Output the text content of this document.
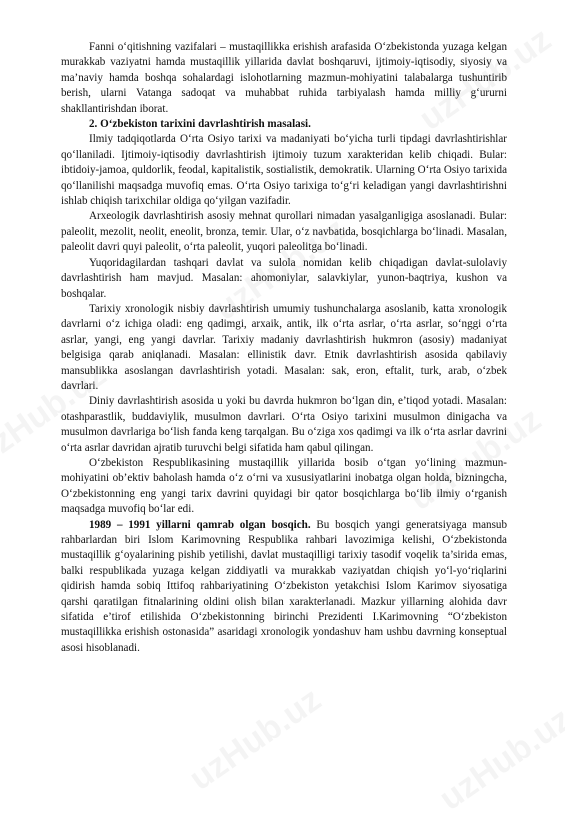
Fanni o‘qitishning vazifalari – mustaqillikka erishish arafasida O‘zbekistonda yuzaga kelgan murakkab vaziyatni hamda mustaqillik yillarida davlat boshqaruvi, ijtimoiy-iqtisodiy, siyosiy va ma’naviy hamda boshqa sohalardagi islohotlarning mazmun-mohiyatini talabalarga tushuntirib berish, ularni Vatanga sadoqat va muhabbat ruhida tarbiyalash hamda milliy g‘ururni shakllantirishdan iborat.

2. O‘zbekiston tarixini davrlashtirish masalasi.

Ilmiy tadqiqotlarda O‘rta Osiyo tarixi va madaniyati bo‘yicha turli tipdagi davrlashtirishlar qo‘llaniladi. Ijtimoiy-iqtisodiy davrlashtirish ijtimoiy tuzum xarakteridan kelib chiqadi. Bular: ibtidoiy-jamoa, quldorlik, feodal, kapitalistik, sostialistik, demokratik. Ularning O‘rta Osiyo tarixida qo‘llanilishi maqsadga muvofiq emas. O‘rta Osiyo tarixiga to‘g‘ri keladigan yangi davrlashtirishni ishlab chiqish tarixchilar oldiga qo‘yilgan vazifadir.

Arxeologik davrlashtirish asosiy mehnat qurollari nimadan yasalganligiga asoslanadi. Bular: paleolit, mezolit, neolit, eneolit, bronza, temir. Ular, o‘z navbatida, bosqichlarga bo‘linadi. Masalan, paleolit davri quyi paleolit, o‘rta paleolit, yuqori paleolitga bo‘linadi.

Yuqoridagilardan tashqari davlat va sulola nomidan kelib chiqadigan davlat-sulolaviy davrlashtirish ham mavjud. Masalan: ahomoniylar, salavkiylar, yunon-baqtriya, kushon va boshqalar.

Tarixiy xronologik nisbiy davrlashtirish umumiy tushunchalarga asoslanib, katta xronologik davrlarni o‘z ichiga oladi: eng qadimgi, arxaik, antik, ilk o‘rta asrlar, o‘rta asrlar, so‘nggi o‘rta asrlar, yangi, eng yangi davrlar. Tarixiy madaniy davrlashtirish hukmron (asosiy) madaniyat belgisiga qarab aniqlanadi. Masalan: ellinistik davr. Etnik davrlashtirish asosida qabilaviy mansublikka asoslangan davrlashtirish yotadi. Masalan: sak, eron, eftalit, turk, arab, o‘zbek davrlari.

Diniy davrlashtirish asosida u yoki bu davrda hukmron bo‘lgan din, e’tiqod yotadi. Masalan: otashparastlik, buddaviylik, musulmon davrlari. O‘rta Osiyo tarixini musulmon dinigacha va musulmon davrlariga bo‘lish fanda keng tarqalgan. Bu o‘ziga xos qadimgi va ilk o‘rta asrlar davrini o‘rta asrlar davridan ajratib turuvchi belgi sifatida ham qabul qilingan.

O‘zbekiston Respublikasining mustaqillik yillarida bosib o‘tgan yo‘lining mazmun-mohiyatini ob’ektiv baholash hamda o‘z o‘rni va xususiyatlarini inobatga olgan holda, bizningcha, O‘zbekistonning eng yangi tarix davrini quyidagi bir qator bosqichlarga bo‘lib ilmiy o‘rganish maqsadga muvofiq bo‘lar edi.

1989 – 1991 yillarni qamrab olgan bosqich. Bu bosqich yangi generatsiyaga mansub rahbarlardan biri Islom Karimovning Respublika rahbari lavozimiga kelishi, O‘zbekistonda mustaqillik g‘oyalarining pishib yetilishi, davlat mustaqilligi tarixiy tasodif voqelik ta’sirida emas, balki respublikada yuzaga kelgan ziddiyatli va murakkab vaziyatdan chiqish yo‘l-yo‘riqlarini qidirish hamda sobiq Ittifoq rahbariyatining O‘zbekiston yetakchisi Islom Karimov siyosatiga qarshi qaratilgan fitnalarining oldini olish bilan xarakterlanadi. Mazkur yillarning alohida davr sifatida e’tirof etilishida O‘zbekistonning birinchi Prezidenti I.Karimovning “O‘zbekiston mustaqillikka erishish ostonasida” asaridagi xronologik yondashuv ham ushbu davrning konseptual asosi hisoblanadi.
